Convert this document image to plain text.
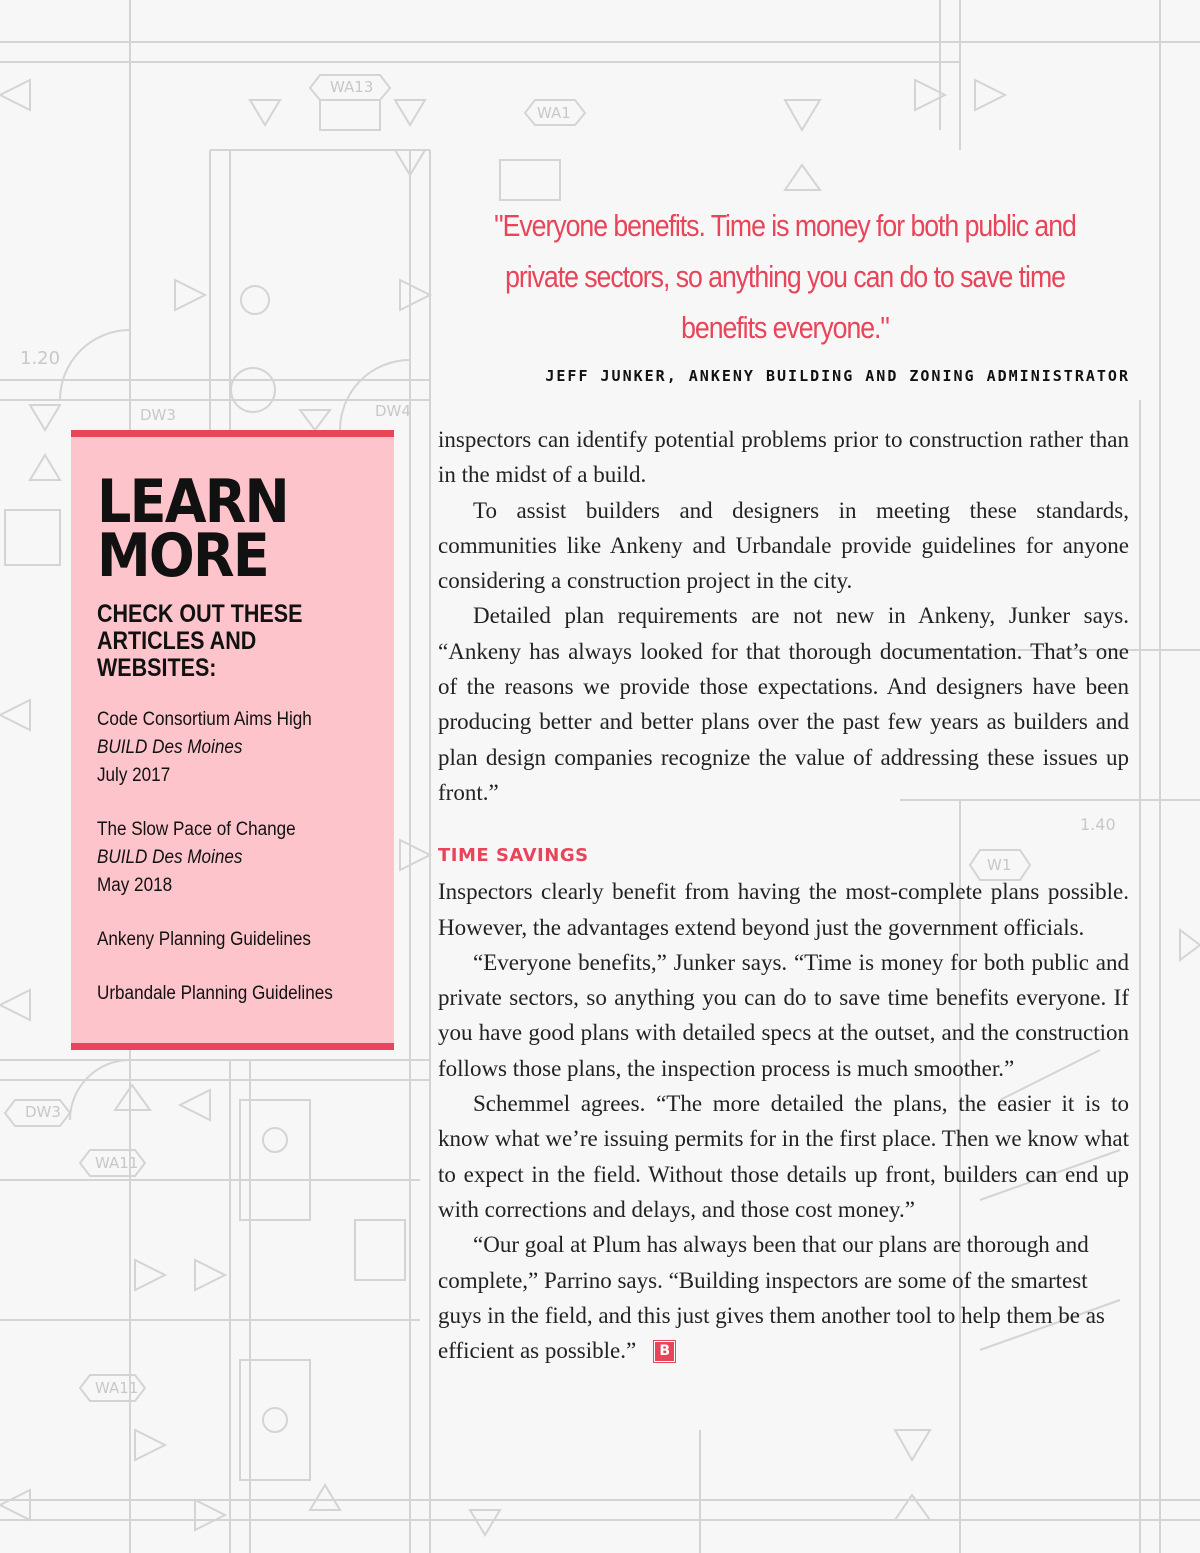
WA13
WA1
1.20
DW3	DW4
1.40
W1
DW3
WA11
WA11

"Everyone benefits. Time is money for both public and private sectors, so anything you can do to save time benefits everyone."

JEFF JUNKER, ANKENY BUILDING AND ZONING ADMINISTRATOR
LEARN
MORE
CHECK OUT THESE ARTICLES AND WEBSITES:
Code Consortium Aims High
BUILD Des Moines
July 2017
The Slow Pace of Change
BUILD Des Moines
May 2018
Ankeny Planning Guidelines
Urbandale Planning Guidelines

inspectors can identify potential problems prior to construction rather than in the midst of a build.

To assist builders and designers in meeting these standards, communities like Ankeny and Urbandale provide guidelines for anyone considering a construction project in the city.

Detailed plan requirements are not new in Ankeny, Junker says. “Ankeny has always looked for that thorough documentation. That’s one of the reasons we provide those expectations. And designers have been producing better and better plans over the past few years as builders and plan design companies recognize the value of addressing these issues up front.”

TIME SAVINGS

Inspectors clearly benefit from having the most-complete plans possible. However, the advantages extend beyond just the government officials.

“Everyone benefits,” Junker says. “Time is money for both public and private sectors, so anything you can do to save time benefits everyone. If you have good plans with detailed specs at the outset, and the construction follows those plans, the inspection process is much smoother.”

Schemmel agrees. “The more detailed the plans, the easier it is to know what we’re issuing permits for in the first place. Then we know what to expect in the field. Without those details up front, builders can end up with corrections and delays, and those cost money.”

“Our goal at Plum has always been that our plans are thorough and complete,” Parrino says. “Building inspectors are some of the smartest guys in the field, and this just gives them another tool to help them be as efficient as possible.” B
